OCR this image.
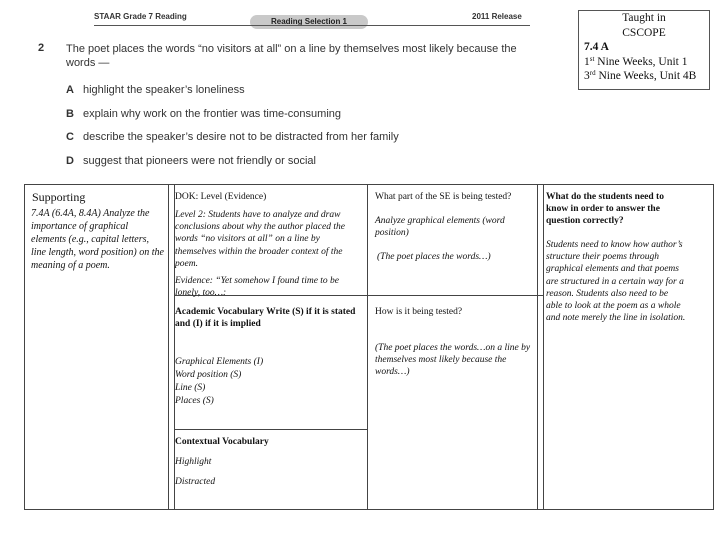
STAAR Grade 7 Reading
Reading Selection 1
2011 Release
2 The poet places the words “no visitors at all” on a line by themselves most likely because the words —
A highlight the speaker’s loneliness
B explain why work on the frontier was time-consuming
C describe the speaker’s desire not to be distracted from her family
D suggest that pioneers were not friendly or social
Taught in
CSCOPE
7.4 A
1st Nine Weeks, Unit 1
3rd Nine Weeks, Unit 4B
Supporting
7.4A (6.4A, 8.4A) Analyze the importance of graphical elements (e.g., capital letters, line length, word position) on the meaning of a poem.
DOK: Level (Evidence)
Level 2: Students have to analyze and draw conclusions about why the author placed the words “no visitors at all” on a line by themselves within the broader context of the poem.
Evidence: “Yet somehow I found time to be lonely, too…:
Academic Vocabulary Write (S) if it is stated and (I) if it is implied
Graphical Elements (I)
Word position (S)
Line (S)
Places (S)
Contextual Vocabulary
Highlight
Distracted
What part of the SE is being tested?
Analyze graphical elements (word position)
(The poet places the words…)
How is it being tested?
(The poet places the words…on a line by themselves most likely because the words…)
What do the students need to know in order to answer the question correctly?
Students need to know how author’s structure their poems through graphical elements and that poems are structured in a certain way for a reason. Students also need to be able to look at the poem as a whole and note merely the line in isolation.
